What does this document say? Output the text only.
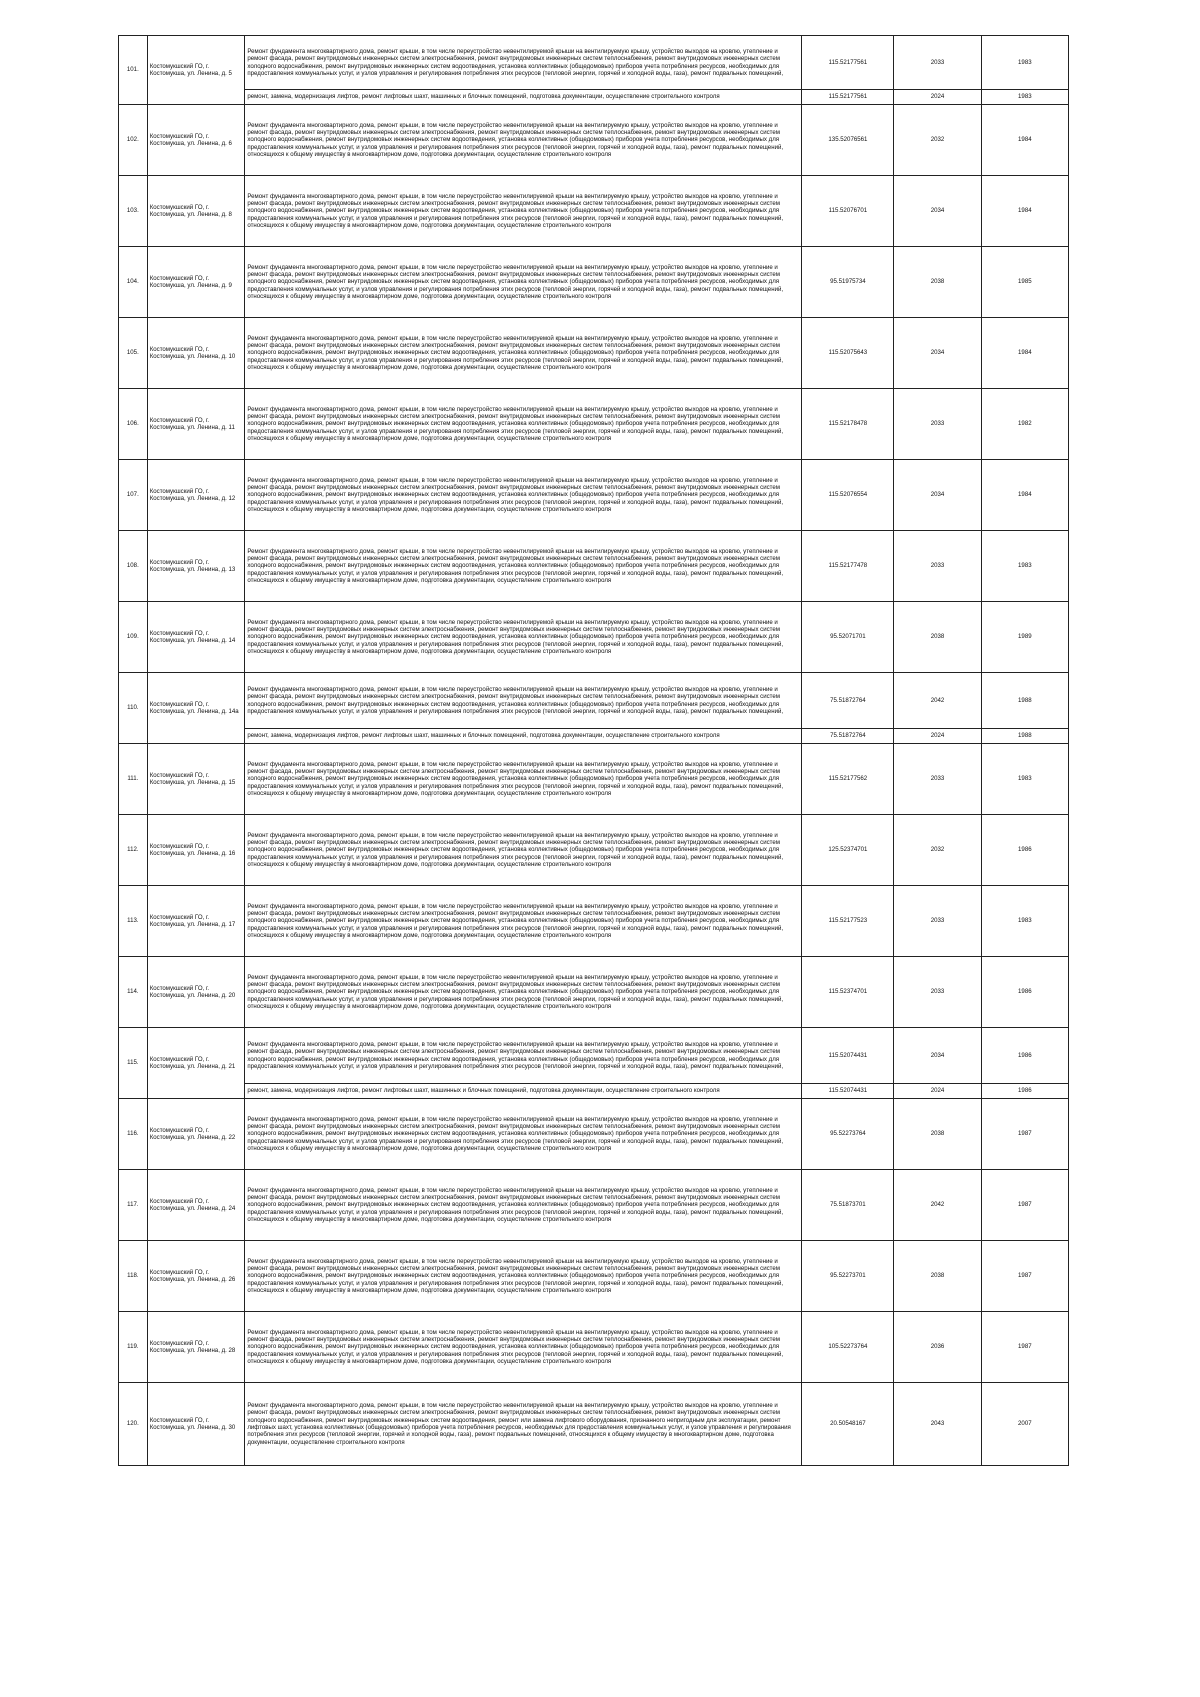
101.	Костомукшский ГО, г. Костомукша, ул. Ленина, д. 5	Ремонт фундамента многоквартирного дома, ремонт крыши, в том числе переустройство невентилируемой крыши на вентилируемую крышу, устройство выходов на кровлю, утепление и ремонт фасада, ремонт внутридомовых инженерных систем электроснабжения, ремонт внутридомовых инженерных систем теплоснабжения, ремонт внутридомовых инженерных систем холодного водоснабжения, ремонт внутридомовых инженерных систем водоотведения, установка коллективных (общедомовых) приборов учета потребления ресурсов, необходимых для предоставления коммунальных услуг, и узлов управления и регулирования потребления этих ресурсов (тепловой энергии, горячей и холодной воды, газа), ремонт подвальных помещений,	115.52177561	2033	1983
		ремонт, замена, модернизация лифтов, ремонт лифтовых шахт, машинных и блочных помещений, подготовка документации, осуществление строительного контроля	115.52177561	2024	1983
102.	Костомукшский ГО, г. Костомукша, ул. Ленина, д. 6	Ремонт фундамента многоквартирного дома, ремонт крыши, в том числе переустройство невентилируемой крыши на вентилируемую крышу, устройство выходов на кровлю, утепление и ремонт фасада, ремонт внутридомовых инженерных систем электроснабжения, ремонт внутридомовых инженерных систем теплоснабжения, ремонт внутридомовых инженерных систем холодного водоснабжения, ремонт внутридомовых инженерных систем водоотведения, установка коллективных (общедомовых) приборов учета потребления ресурсов, необходимых для предоставления коммунальных услуг, и узлов управления и регулирования потребления этих ресурсов (тепловой энергии, горячей и холодной воды, газа), ремонт подвальных помещений, относящихся к общему имуществу в многоквартирном доме, подготовка документации, осуществление строительного контроля	135.52076561	2032	1984
103.	Костомукшский ГО, г. Костомукша, ул. Ленина, д. 8	Ремонт фундамента многоквартирного дома, ремонт крыши, в том числе переустройство невентилируемой крыши на вентилируемую крышу, устройство выходов на кровлю, утепление и ремонт фасада, ремонт внутридомовых инженерных систем электроснабжения, ремонт внутридомовых инженерных систем теплоснабжения, ремонт внутридомовых инженерных систем холодного водоснабжения, ремонт внутридомовых инженерных систем водоотведения, установка коллективных (общедомовых) приборов учета потребления ресурсов, необходимых для предоставления коммунальных услуг, и узлов управления и регулирования потребления этих ресурсов (тепловой энергии, горячей и холодной воды, газа), ремонт подвальных помещений, относящихся к общему имуществу в многоквартирном доме, подготовка документации, осуществление строительного контроля	115.52076701	2034	1984
104.	Костомукшский ГО, г. Костомукша, ул. Ленина, д. 9	Ремонт фундамента многоквартирного дома, ремонт крыши, в том числе переустройство невентилируемой крыши на вентилируемую крышу, устройство выходов на кровлю, утепление и ремонт фасада, ремонт внутридомовых инженерных систем электроснабжения, ремонт внутридомовых инженерных систем теплоснабжения, ремонт внутридомовых инженерных систем холодного водоснабжения, ремонт внутридомовых инженерных систем водоотведения, установка коллективных (общедомовых) приборов учета потребления ресурсов, необходимых для предоставления коммунальных услуг, и узлов управления и регулирования потребления этих ресурсов (тепловой энергии, горячей и холодной воды, газа), ремонт подвальных помещений, относящихся к общему имуществу в многоквартирном доме, подготовка документации, осуществление строительного контроля	95.51975734	2038	1985
105.	Костомукшский ГО, г. Костомукша, ул. Ленина, д. 10	Ремонт фундамента многоквартирного дома, ремонт крыши, в том числе переустройство невентилируемой крыши на вентилируемую крышу, устройство выходов на кровлю, утепление и ремонт фасада, ремонт внутридомовых инженерных систем электроснабжения, ремонт внутридомовых инженерных систем теплоснабжения, ремонт внутридомовых инженерных систем холодного водоснабжения, ремонт внутридомовых инженерных систем водоотведения, установка коллективных (общедомовых) приборов учета потребления ресурсов, необходимых для предоставления коммунальных услуг, и узлов управления и регулирования потребления этих ресурсов (тепловой энергии, горячей и холодной воды, газа), ремонт подвальных помещений, относящихся к общему имуществу в многоквартирном доме, подготовка документации, осуществление строительного контроля	115.52075643	2034	1984
106.	Костомукшский ГО, г. Костомукша, ул. Ленина, д. 11	Ремонт фундамента многоквартирного дома, ремонт крыши, в том числе переустройство невентилируемой крыши на вентилируемую крышу, устройство выходов на кровлю, утепление и ремонт фасада, ремонт внутридомовых инженерных систем электроснабжения, ремонт внутридомовых инженерных систем теплоснабжения, ремонт внутридомовых инженерных систем холодного водоснабжения, ремонт внутридомовых инженерных систем водоотведения, установка коллективных (общедомовых) приборов учета потребления ресурсов, необходимых для предоставления коммунальных услуг, и узлов управления и регулирования потребления этих ресурсов (тепловой энергии, горячей и холодной воды, газа), ремонт подвальных помещений, относящихся к общему имуществу в многоквартирном доме, подготовка документации, осуществление строительного контроля	115.52178478	2033	1982
107.	Костомукшский ГО, г. Костомукша, ул. Ленина, д. 12	Ремонт фундамента многоквартирного дома, ремонт крыши, в том числе переустройство невентилируемой крыши на вентилируемую крышу, устройство выходов на кровлю, утепление и ремонт фасада, ремонт внутридомовых инженерных систем электроснабжения, ремонт внутридомовых инженерных систем теплоснабжения, ремонт внутридомовых инженерных систем холодного водоснабжения, ремонт внутридомовых инженерных систем водоотведения, установка коллективных (общедомовых) приборов учета потребления ресурсов, необходимых для предоставления коммунальных услуг, и узлов управления и регулирования потребления этих ресурсов (тепловой энергии, горячей и холодной воды, газа), ремонт подвальных помещений, относящихся к общему имуществу в многоквартирном доме, подготовка документации, осуществление строительного контроля	115.52076554	2034	1984
108.	Костомукшский ГО, г. Костомукша, ул. Ленина, д. 13	Ремонт фундамента многоквартирного дома, ремонт крыши, в том числе переустройство невентилируемой крыши на вентилируемую крышу, устройство выходов на кровлю, утепление и ремонт фасада, ремонт внутридомовых инженерных систем электроснабжения, ремонт внутридомовых инженерных систем теплоснабжения, ремонт внутридомовых инженерных систем холодного водоснабжения, ремонт внутридомовых инженерных систем водоотведения, установка коллективных (общедомовых) приборов учета потребления ресурсов, необходимых для предоставления коммунальных услуг, и узлов управления и регулирования потребления этих ресурсов (тепловой энергии, горячей и холодной воды, газа), ремонт подвальных помещений, относящихся к общему имуществу в многоквартирном доме, подготовка документации, осуществление строительного контроля	115.52177478	2033	1983
109.	Костомукшский ГО, г. Костомукша, ул. Ленина, д. 14	Ремонт фундамента многоквартирного дома, ремонт крыши, в том числе переустройство невентилируемой крыши на вентилируемую крышу, устройство выходов на кровлю, утепление и ремонт фасада, ремонт внутридомовых инженерных систем электроснабжения, ремонт внутридомовых инженерных систем теплоснабжения, ремонт внутридомовых инженерных систем холодного водоснабжения, ремонт внутридомовых инженерных систем водоотведения, установка коллективных (общедомовых) приборов учета потребления ресурсов, необходимых для предоставления коммунальных услуг, и узлов управления и регулирования потребления этих ресурсов (тепловой энергии, горячей и холодной воды, газа), ремонт подвальных помещений, относящихся к общему имуществу в многоквартирном доме, подготовка документации, осуществление строительного контроля	95.52071701	2038	1989
110.	Костомукшский ГО, г. Костомукша, ул. Ленина, д. 14а	Ремонт фундамента многоквартирного дома, ремонт крыши, в том числе переустройство невентилируемой крыши на вентилируемую крышу, устройство выходов на кровлю, утепление и ремонт фасада, ремонт внутридомовых инженерных систем электроснабжения, ремонт внутридомовых инженерных систем теплоснабжения, ремонт внутридомовых инженерных систем холодного водоснабжения, ремонт внутридомовых инженерных систем водоотведения, установка коллективных (общедомовых) приборов учета потребления ресурсов, необходимых для предоставления коммунальных услуг, и узлов управления и регулирования потребления этих ресурсов (тепловой энергии, горячей и холодной воды, газа), ремонт подвальных помещений,	75.51872764	2042	1988
		ремонт, замена, модернизация лифтов, ремонт лифтовых шахт, машинных и блочных помещений, подготовка документации, осуществление строительного контроля	75.51872764	2024	1988
111.	Костомукшский ГО, г. Костомукша, ул. Ленина, д. 15	Ремонт фундамента многоквартирного дома, ремонт крыши, в том числе переустройство невентилируемой крыши на вентилируемую крышу, устройство выходов на кровлю, утепление и ремонт фасада, ремонт внутридомовых инженерных систем электроснабжения, ремонт внутридомовых инженерных систем теплоснабжения, ремонт внутридомовых инженерных систем холодного водоснабжения, ремонт внутридомовых инженерных систем водоотведения, установка коллективных (общедомовых) приборов учета потребления ресурсов, необходимых для предоставления коммунальных услуг, и узлов управления и регулирования потребления этих ресурсов (тепловой энергии, горячей и холодной воды, газа), ремонт подвальных помещений, относящихся к общему имуществу в многоквартирном доме, подготовка документации, осуществление строительного контроля	115.52177562	2033	1983
112.	Костомукшский ГО, г. Костомукша, ул. Ленина, д. 16	Ремонт фундамента многоквартирного дома, ремонт крыши, в том числе переустройство невентилируемой крыши на вентилируемую крышу, устройство выходов на кровлю, утепление и ремонт фасада, ремонт внутридомовых инженерных систем электроснабжения, ремонт внутридомовых инженерных систем теплоснабжения, ремонт внутридомовых инженерных систем холодного водоснабжения, ремонт внутридомовых инженерных систем водоотведения, установка коллективных (общедомовых) приборов учета потребления ресурсов, необходимых для предоставления коммунальных услуг, и узлов управления и регулирования потребления этих ресурсов (тепловой энергии, горячей и холодной воды, газа), ремонт подвальных помещений, относящихся к общему имуществу в многоквартирном доме, подготовка документации, осуществление строительного контроля	125.52374701	2032	1986
113.	Костомукшский ГО, г. Костомукша, ул. Ленина, д. 17	Ремонт фундамента многоквартирного дома, ремонт крыши, в том числе переустройство невентилируемой крыши на вентилируемую крышу, устройство выходов на кровлю, утепление и ремонт фасада, ремонт внутридомовых инженерных систем электроснабжения, ремонт внутридомовых инженерных систем теплоснабжения, ремонт внутридомовых инженерных систем холодного водоснабжения, ремонт внутридомовых инженерных систем водоотведения, установка коллективных (общедомовых) приборов учета потребления ресурсов, необходимых для предоставления коммунальных услуг, и узлов управления и регулирования потребления этих ресурсов (тепловой энергии, горячей и холодной воды, газа), ремонт подвальных помещений, относящихся к общему имуществу в многоквартирном доме, подготовка документации, осуществление строительного контроля	115.52177523	2033	1983
114.	Костомукшский ГО, г. Костомукша, ул. Ленина, д. 20	Ремонт фундамента многоквартирного дома, ремонт крыши, в том числе переустройство невентилируемой крыши на вентилируемую крышу, устройство выходов на кровлю, утепление и ремонт фасада, ремонт внутридомовых инженерных систем электроснабжения, ремонт внутридомовых инженерных систем теплоснабжения, ремонт внутридомовых инженерных систем холодного водоснабжения, ремонт внутридомовых инженерных систем водоотведения, установка коллективных (общедомовых) приборов учета потребления ресурсов, необходимых для предоставления коммунальных услуг, и узлов управления и регулирования потребления этих ресурсов (тепловой энергии, горячей и холодной воды, газа), ремонт подвальных помещений, относящихся к общему имуществу в многоквартирном доме, подготовка документации, осуществление строительного контроля	115.52374701	2033	1986
115.	Костомукшский ГО, г. Костомукша, ул. Ленина, д. 21	Ремонт фундамента многоквартирного дома, ремонт крыши, в том числе переустройство невентилируемой крыши на вентилируемую крышу, устройство выходов на кровлю, утепление и ремонт фасада, ремонт внутридомовых инженерных систем электроснабжения, ремонт внутридомовых инженерных систем теплоснабжения, ремонт внутридомовых инженерных систем холодного водоснабжения, ремонт внутридомовых инженерных систем водоотведения, установка коллективных (общедомовых) приборов учета потребления ресурсов, необходимых для предоставления коммунальных услуг, и узлов управления и регулирования потребления этих ресурсов (тепловой энергии, горячей и холодной воды, газа), ремонт подвальных помещений,	115.52074431	2034	1986
		ремонт, замена, модернизация лифтов, ремонт лифтовых шахт, машинных и блочных помещений, подготовка документации, осуществление строительного контроля	115.52074431	2024	1986
116.	Костомукшский ГО, г. Костомукша, ул. Ленина, д. 22	Ремонт фундамента многоквартирного дома, ремонт крыши, в том числе переустройство невентилируемой крыши на вентилируемую крышу, устройство выходов на кровлю, утепление и ремонт фасада, ремонт внутридомовых инженерных систем электроснабжения, ремонт внутридомовых инженерных систем теплоснабжения, ремонт внутридомовых инженерных систем холодного водоснабжения, ремонт внутридомовых инженерных систем водоотведения, установка коллективных (общедомовых) приборов учета потребления ресурсов, необходимых для предоставления коммунальных услуг, и узлов управления и регулирования потребления этих ресурсов (тепловой энергии, горячей и холодной воды, газа), ремонт подвальных помещений, относящихся к общему имуществу в многоквартирном доме, подготовка документации, осуществление строительного контроля	95.52273764	2038	1987
117.	Костомукшский ГО, г. Костомукша, ул. Ленина, д. 24	Ремонт фундамента многоквартирного дома, ремонт крыши, в том числе переустройство невентилируемой крыши на вентилируемую крышу, устройство выходов на кровлю, утепление и ремонт фасада, ремонт внутридомовых инженерных систем электроснабжения, ремонт внутридомовых инженерных систем теплоснабжения, ремонт внутридомовых инженерных систем холодного водоснабжения, ремонт внутридомовых инженерных систем водоотведения, установка коллективных (общедомовых) приборов учета потребления ресурсов, необходимых для предоставления коммунальных услуг, и узлов управления и регулирования потребления этих ресурсов (тепловой энергии, горячей и холодной воды, газа), ремонт подвальных помещений, относящихся к общему имуществу в многоквартирном доме, подготовка документации, осуществление строительного контроля	75.51873701	2042	1987
118.	Костомукшский ГО, г. Костомукша, ул. Ленина, д. 26	Ремонт фундамента многоквартирного дома, ремонт крыши, в том числе переустройство невентилируемой крыши на вентилируемую крышу, устройство выходов на кровлю, утепление и ремонт фасада, ремонт внутридомовых инженерных систем электроснабжения, ремонт внутридомовых инженерных систем теплоснабжения, ремонт внутридомовых инженерных систем холодного водоснабжения, ремонт внутридомовых инженерных систем водоотведения, установка коллективных (общедомовых) приборов учета потребления ресурсов, необходимых для предоставления коммунальных услуг, и узлов управления и регулирования потребления этих ресурсов (тепловой энергии, горячей и холодной воды, газа), ремонт подвальных помещений, относящихся к общему имуществу в многоквартирном доме, подготовка документации, осуществление строительного контроля	95.52273701	2038	1987
119.	Костомукшский ГО, г. Костомукша, ул. Ленина, д. 28	Ремонт фундамента многоквартирного дома, ремонт крыши, в том числе переустройство невентилируемой крыши на вентилируемую крышу, устройство выходов на кровлю, утепление и ремонт фасада, ремонт внутридомовых инженерных систем электроснабжения, ремонт внутридомовых инженерных систем теплоснабжения, ремонт внутридомовых инженерных систем холодного водоснабжения, ремонт внутридомовых инженерных систем водоотведения, установка коллективных (общедомовых) приборов учета потребления ресурсов, необходимых для предоставления коммунальных услуг, и узлов управления и регулирования потребления этих ресурсов (тепловой энергии, горячей и холодной воды, газа), ремонт подвальных помещений, относящихся к общему имуществу в многоквартирном доме, подготовка документации, осуществление строительного контроля	105.52273764	2036	1987
120.	Костомукшский ГО, г. Костомукша, ул. Ленина, д. 30	Ремонт фундамента многоквартирного дома, ремонт крыши, в том числе переустройство невентилируемой крыши на вентилируемую крышу, устройство выходов на кровлю, утепление и ремонт фасада, ремонт внутридомовых инженерных систем электроснабжения, ремонт внутридомовых инженерных систем теплоснабжения, ремонт внутридомовых инженерных систем холодного водоснабжения, ремонт внутридомовых инженерных систем водоотведения, ремонт или замена лифтового оборудования, признанного непригодным для эксплуатации, ремонт лифтовых шахт, установка коллективных (общедомовых) приборов учета потребления ресурсов, необходимых для предоставления коммунальных услуг, и узлов управления и регулирования потребления этих ресурсов (тепловой энергии, горячей и холодной воды, газа), ремонт подвальных помещений, относящихся к общему имуществу в многоквартирном доме, подготовка документации, осуществление строительного контроля	20.50548167	2043	2007
